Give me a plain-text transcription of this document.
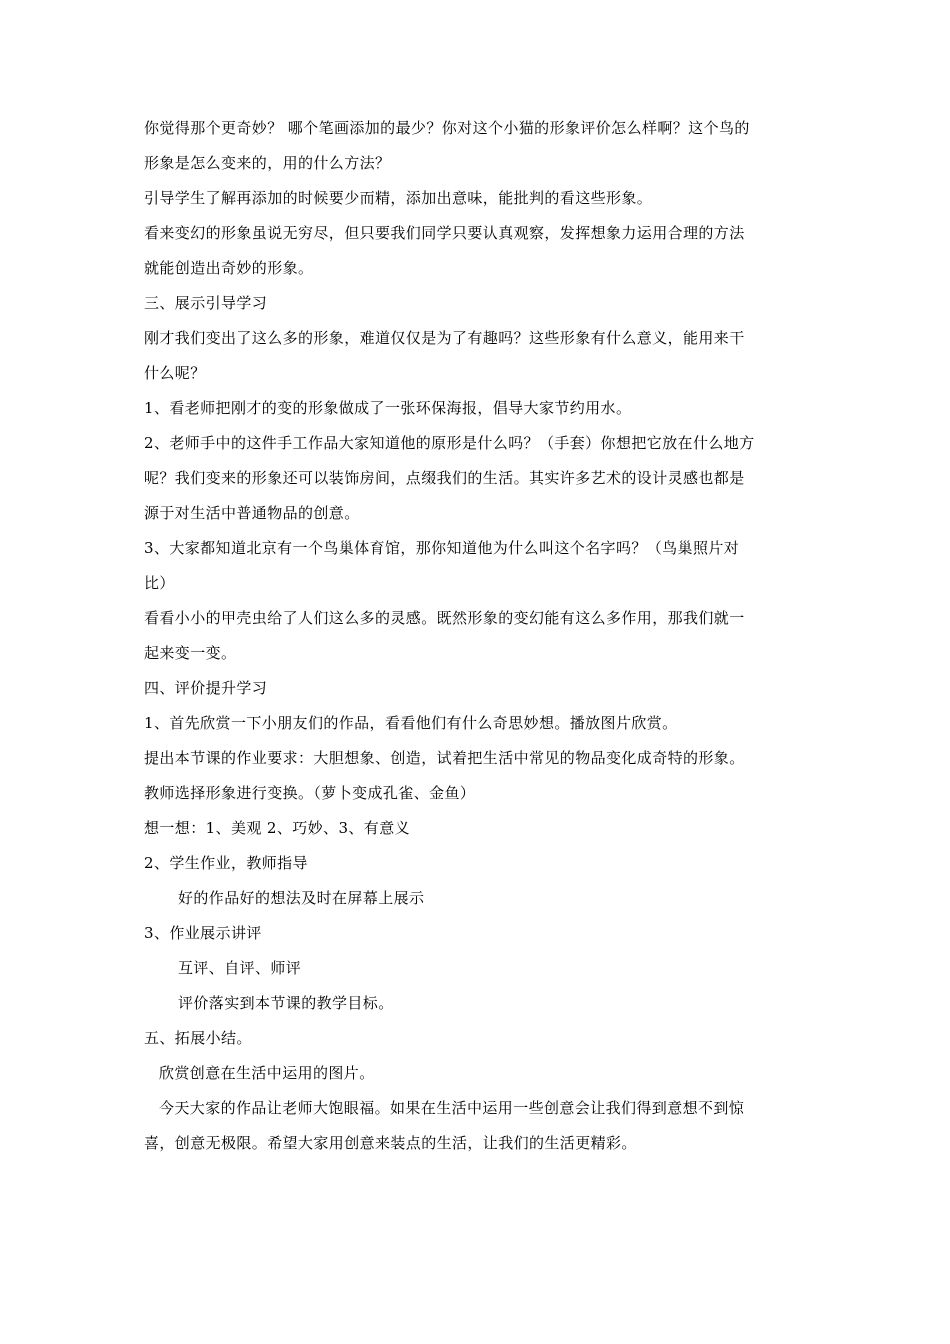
你觉得那个更奇妙？ 哪个笔画添加的最少？你对这个小猫的形象评价怎么样啊？这个鸟的
形象是怎么变来的，用的什么方法？
引导学生了解再添加的时候要少而精，添加出意味，能批判的看这些形象。
看来变幻的形象虽说无穷尽，但只要我们同学只要认真观察，发挥想象力运用合理的方法
就能创造出奇妙的形象。
三、展示引导学习
刚才我们变出了这么多的形象，难道仅仅是为了有趣吗？这些形象有什么意义，能用来干
什么呢？
1、看老师把刚才的变的形象做成了一张环保海报，倡导大家节约用水。
2、老师手中的这件手工作品大家知道他的原形是什么吗？（手套）你想把它放在什么地方
呢？我们变来的形象还可以装饰房间，点缀我们的生活。其实许多艺术的设计灵感也都是
源于对生活中普通物品的创意。
3、大家都知道北京有一个鸟巢体育馆，那你知道他为什么叫这个名字吗？（鸟巢照片对
比）
看看小小的甲壳虫给了人们这么多的灵感。既然形象的变幻能有这么多作用，那我们就一
起来变一变。
四、评价提升学习
1、首先欣赏一下小朋友们的作品，看看他们有什么奇思妙想。播放图片欣赏。
提出本节课的作业要求：大胆想象、创造，试着把生活中常见的物品变化成奇特的形象。
教师选择形象进行变换。（萝卜变成孔雀、金鱼）
想一想：1、美观 2、巧妙、3、有意义
2、学生作业，教师指导
好的作品好的想法及时在屏幕上展示
3、作业展示讲评
互评、自评、师评
评价落实到本节课的教学目标。
五、拓展小结。
欣赏创意在生活中运用的图片。
今天大家的作品让老师大饱眼福。如果在生活中运用一些创意会让我们得到意想不到惊
喜，创意无极限。希望大家用创意来装点的生活，让我们的生活更精彩。
